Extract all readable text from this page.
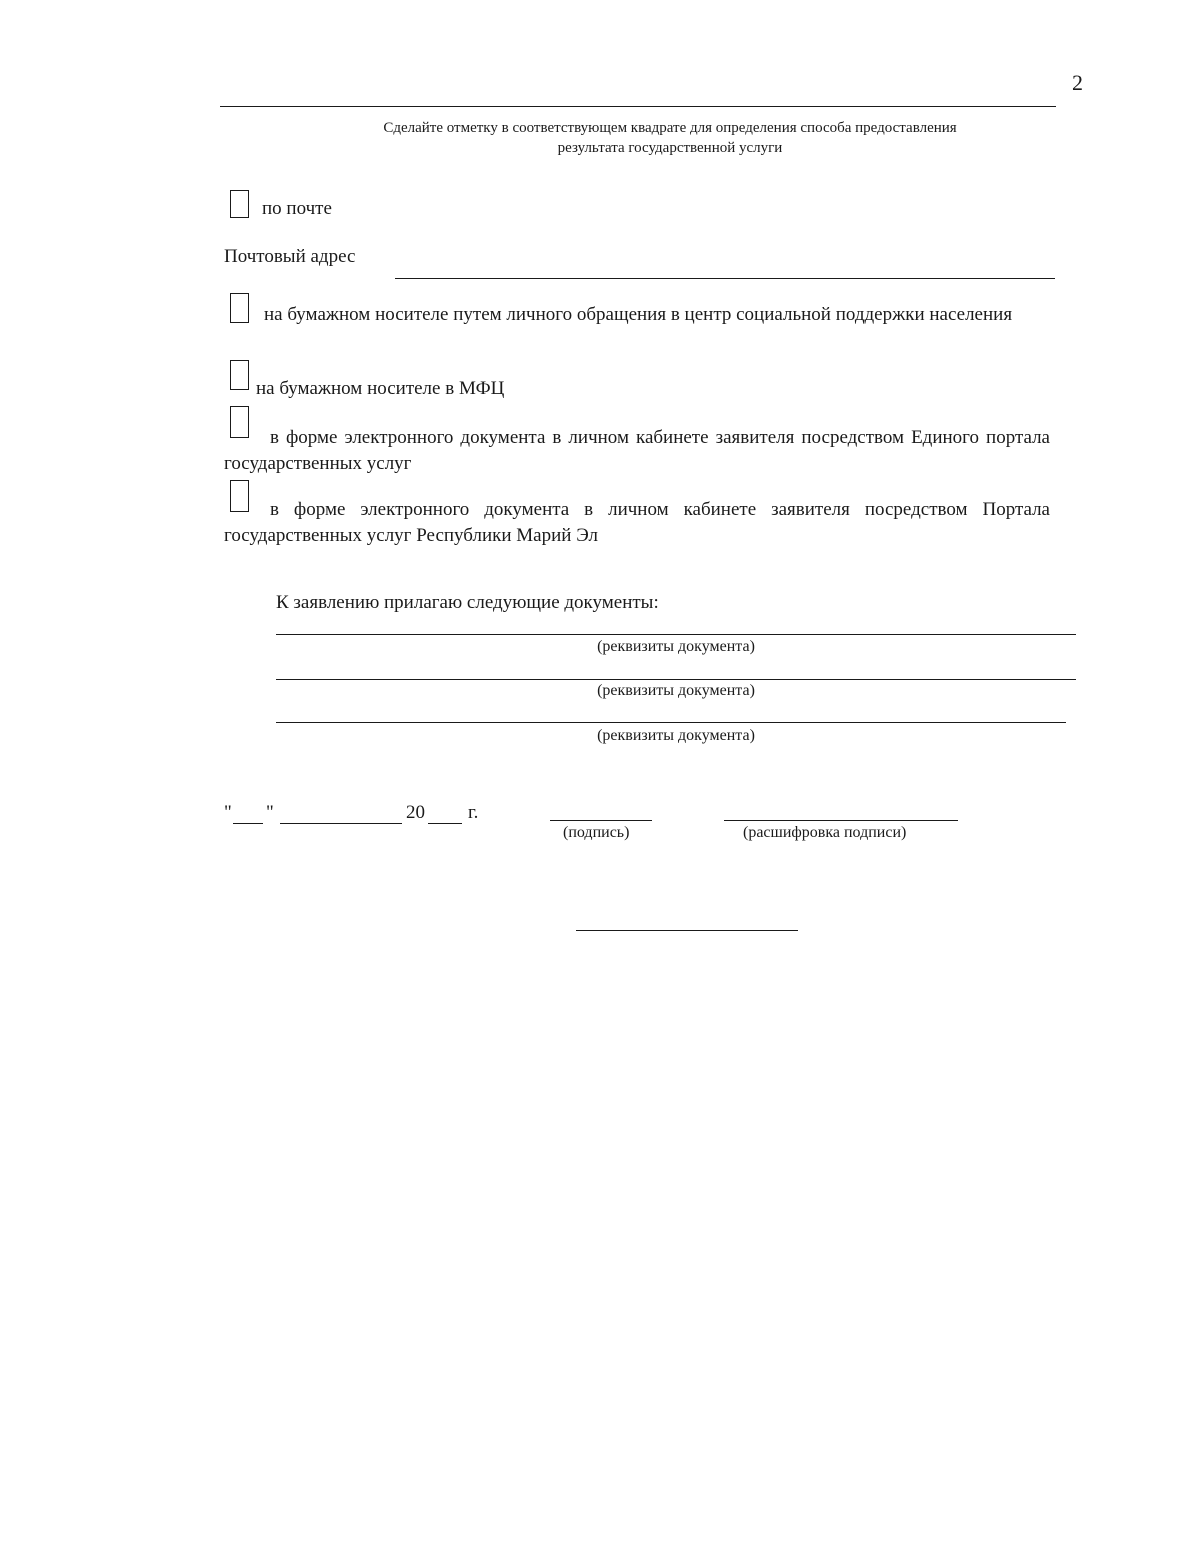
2
Сделайте отметку в соответствующем квадрате для определения способа предоставления
результата государственной услуги
по почте
Почтовый адрес
на бумажном носителе путем личного обращения в центр социальной поддержки населения
на бумажном носителе в МФЦ
в форме электронного документа в личном кабинете заявителя посредством Единого портала государственных услуг
в форме электронного документа в личном кабинете заявителя посредством Портала государственных услуг Республики Марий Эл
К заявлению прилагаю следующие документы:
(реквизиты документа)
(реквизиты документа)
(реквизиты документа)
" "	20 г.
(подпись)	(расшифровка подписи)
